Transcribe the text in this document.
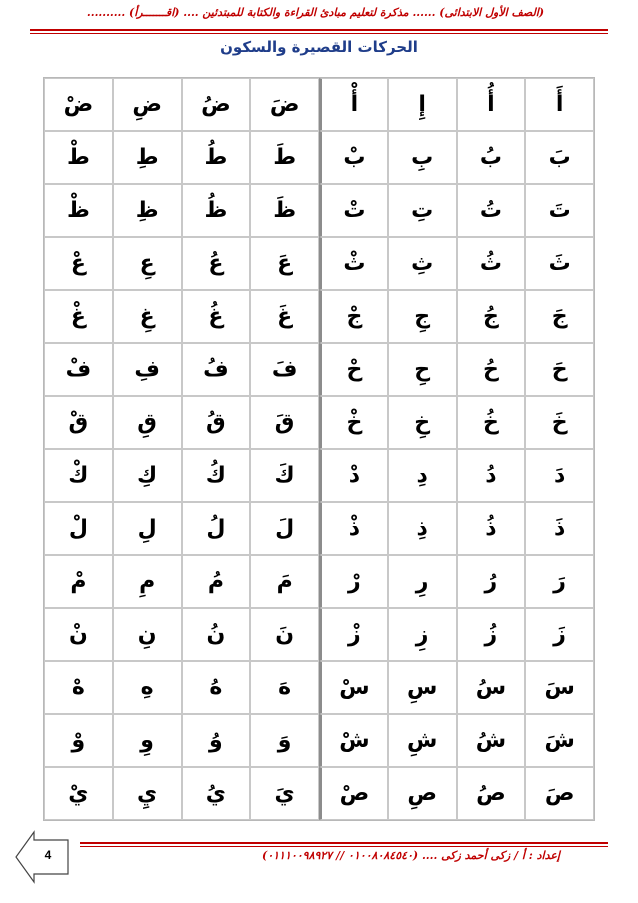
(الصف الأول الابتدائى) ...... مذكرة لتعليم مبادئ القراءة والكتابة للمبتدئين .... (اقـــــــرأ) ..........
الحركات القصيرة والسكون
أَ	أُ	إِ	أْ	ضَ	ضُ	ضِ	ضْ
بَ	بُ	بِ	بْ	طَ	طُ	طِ	طْ
تَ	تُ	تِ	تْ	ظَ	ظُ	ظِ	ظْ
ثَ	ثُ	ثِ	ثْ	عَ	عُ	عِ	عْ
جَ	جُ	جِ	جْ	غَ	غُ	غِ	غْ
حَ	حُ	حِ	حْ	فَ	فُ	فِ	فْ
خَ	خُ	خِ	خْ	قَ	قُ	قِ	قْ
دَ	دُ	دِ	دْ	كَ	كُ	كِ	كْ
ذَ	ذُ	ذِ	ذْ	لَ	لُ	لِ	لْ
رَ	رُ	رِ	رْ	مَ	مُ	مِ	مْ
زَ	زُ	زِ	زْ	نَ	نُ	نِ	نْ
سَ	سُ	سِ	سْ	هَ	هُ	هِ	هْ
شَ	شُ	شِ	شْ	وَ	وُ	وِ	وْ
صَ	صُ	صِ	صْ	يَ	يُ	يِ	يْ
إعداد : أ / زكى أحمد زكى .... (٠١٠٠٨٠٨٤٥٤٠ // ٠١١١٠٠٩٨٩٢٧)
4
